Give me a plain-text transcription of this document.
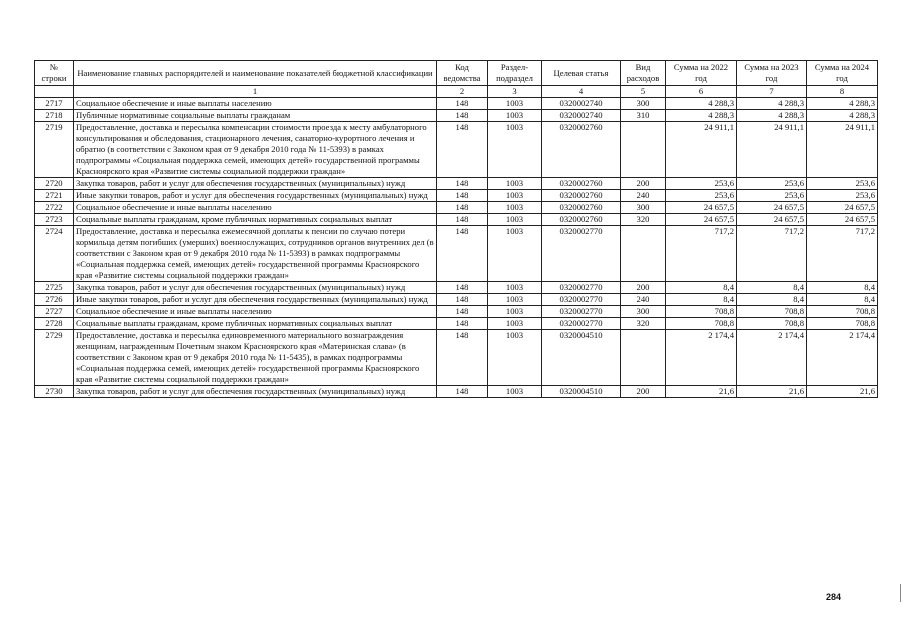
№ строки	Наименование главных распорядителей и наименование показателей бюджетной классификации	Код ведомства	Раздел- подраздел	Целевая статья	Вид расходов	Сумма на 2022 год	Сумма на 2023 год	Сумма на 2024 год
	1	2	3	4	5	6	7	8
2717	Социальное обеспечение и иные выплаты населению	148	1003	0320002740	300	4 288,3	4 288,3	4 288,3
2718	Публичные нормативные социальные выплаты гражданам	148	1003	0320002740	310	4 288,3	4 288,3	4 288,3
2719	Предоставление, доставка и пересылка компенсации стоимости проезда к месту амбулаторного консультирования и обследования, стационарного лечения, санаторно-курортного лечения и обратно (в соответствии с Законом края от 9 декабря 2010 года № 11-5393) в рамках подпрограммы «Социальная поддержка семей, имеющих детей» государственной программы Красноярского края «Развитие системы социальной поддержки граждан»	148	1003	0320002760		24 911,1	24 911,1	24 911,1
2720	Закупка товаров, работ и услуг для обеспечения государственных (муниципальных) нужд	148	1003	0320002760	200	253,6	253,6	253,6
2721	Иные закупки товаров, работ и услуг для обеспечения государственных (муниципальных) нужд	148	1003	0320002760	240	253,6	253,6	253,6
2722	Социальное обеспечение и иные выплаты населению	148	1003	0320002760	300	24 657,5	24 657,5	24 657,5
2723	Социальные выплаты гражданам, кроме публичных нормативных социальных выплат	148	1003	0320002760	320	24 657,5	24 657,5	24 657,5
2724	Предоставление, доставка и пересылка ежемесячной доплаты к пенсии по случаю потери кормильца детям погибших (умерших) военнослужащих, сотрудников органов внутренних дел (в соответствии с Законом края от 9 декабря 2010 года № 11-5393) в рамках подпрограммы «Социальная поддержка семей, имеющих детей» государственной программы Красноярского края «Развитие системы социальной поддержки граждан»	148	1003	0320002770		717,2	717,2	717,2
2725	Закупка товаров, работ и услуг для обеспечения государственных (муниципальных) нужд	148	1003	0320002770	200	8,4	8,4	8,4
2726	Иные закупки товаров, работ и услуг для обеспечения государственных (муниципальных) нужд	148	1003	0320002770	240	8,4	8,4	8,4
2727	Социальное обеспечение и иные выплаты населению	148	1003	0320002770	300	708,8	708,8	708,8
2728	Социальные выплаты гражданам, кроме публичных нормативных социальных выплат	148	1003	0320002770	320	708,8	708,8	708,8
2729	Предоставление, доставка и пересылка единовременного материального вознаграждения женщинам, награжденным Почетным знаком Красноярского края «Материнская слава» (в соответствии с Законом края от 9 декабря 2010 года № 11-5435), в рамках подпрограммы «Социальная поддержка семей, имеющих детей» государственной программы Красноярского края «Развитие системы социальной поддержки граждан»	148	1003	0320004510		2 174,4	2 174,4	2 174,4
2730	Закупка товаров, работ и услуг для обеспечения государственных (муниципальных) нужд	148	1003	0320004510	200	21,6	21,6	21,6
284
